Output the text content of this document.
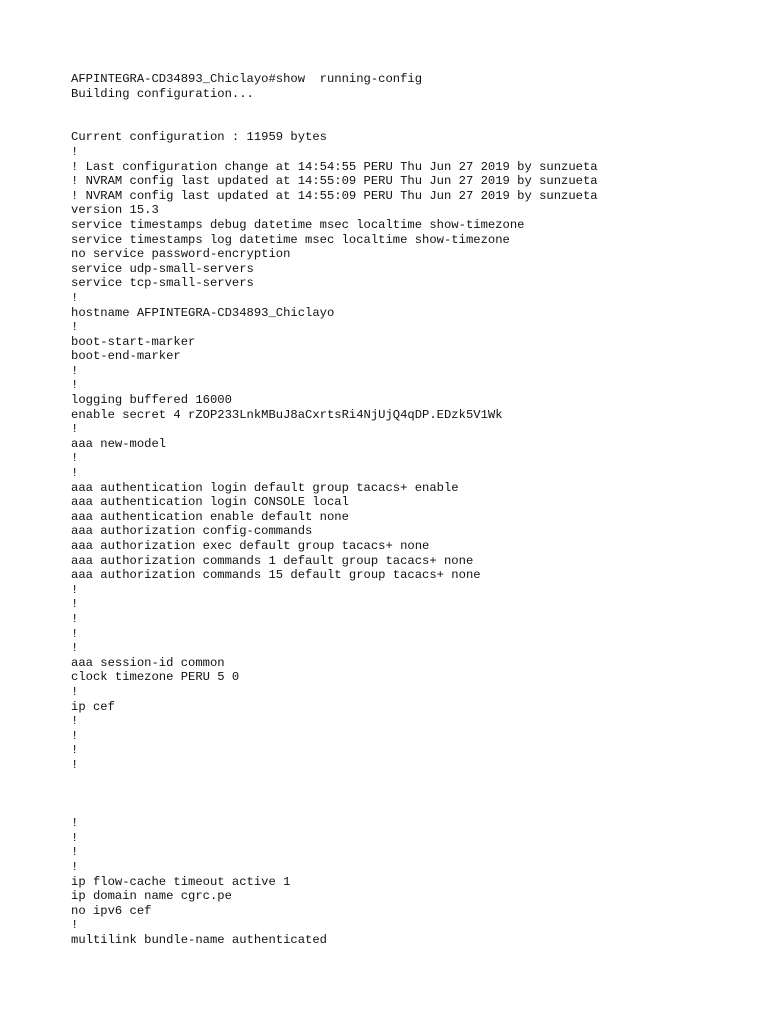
AFPINTEGRA-CD34893_Chiclayo#show  running-config
Building configuration...
Current configuration : 11959 bytes
!
! Last configuration change at 14:54:55 PERU Thu Jun 27 2019 by sunzueta
! NVRAM config last updated at 14:55:09 PERU Thu Jun 27 2019 by sunzueta
! NVRAM config last updated at 14:55:09 PERU Thu Jun 27 2019 by sunzueta
version 15.3
service timestamps debug datetime msec localtime show-timezone
service timestamps log datetime msec localtime show-timezone
no service password-encryption
service udp-small-servers
service tcp-small-servers
!
hostname AFPINTEGRA-CD34893_Chiclayo
!
boot-start-marker
boot-end-marker
!
!
logging buffered 16000
enable secret 4 rZOP233LnkMBuJ8aCxrtsRi4NjUjQ4qDP.EDzk5V1Wk
!
aaa new-model
!
!
aaa authentication login default group tacacs+ enable
aaa authentication login CONSOLE local
aaa authentication enable default none
aaa authorization config-commands
aaa authorization exec default group tacacs+ none
aaa authorization commands 1 default group tacacs+ none
aaa authorization commands 15 default group tacacs+ none
!
!
!
!
!
aaa session-id common
clock timezone PERU 5 0
!
ip cef
!
!
!
!
!
!
!
!
ip flow-cache timeout active 1
ip domain name cgrc.pe
no ipv6 cef
!
multilink bundle-name authenticated
